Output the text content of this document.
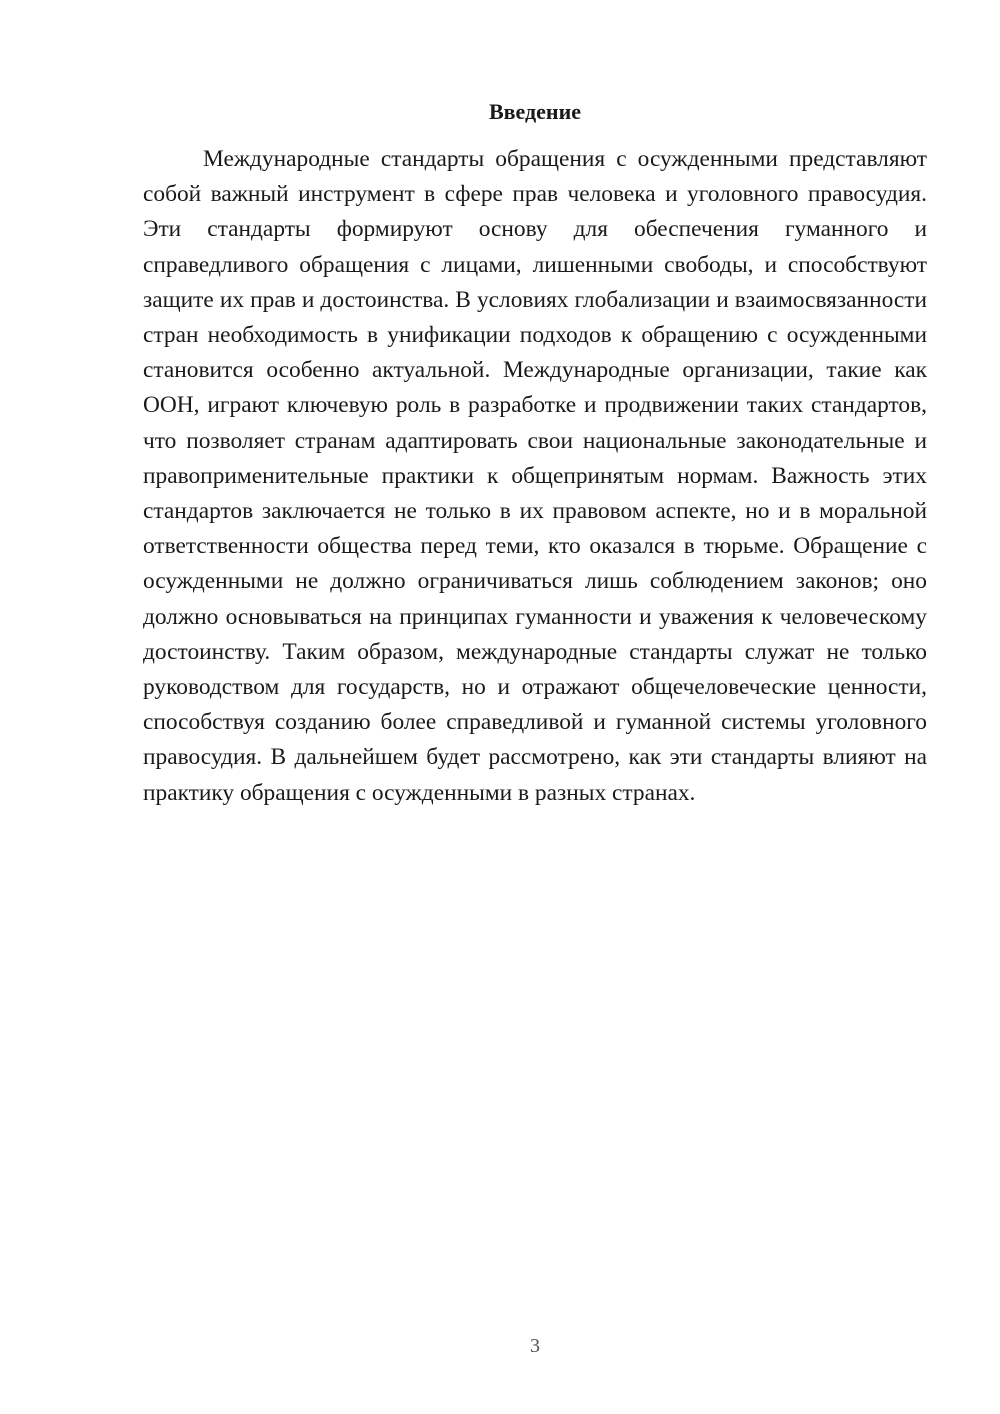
Введение

Международные стандарты обращения с осужденными представляют собой важный инструмент в сфере прав человека и уголовного правосудия. Эти стандарты формируют основу для обеспечения гуманного и справедливого обращения с лицами, лишенными свободы, и способствуют защите их прав и достоинства. В условиях глобализации и взаимосвязанности стран необходимость в унификации подходов к обращению с осужденными становится особенно актуальной. Международные организации, такие как ООН, играют ключевую роль в разработке и продвижении таких стандартов, что позволяет странам адаптировать свои национальные законодательные и правоприменительные практики к общепринятым нормам. Важность этих стандартов заключается не только в их правовом аспекте, но и в моральной ответственности общества перед теми, кто оказался в тюрьме. Обращение с осужденными не должно ограничиваться лишь соблюдением законов; оно должно основываться на принципах гуманности и уважения к человеческому достоинству. Таким образом, международные стандарты служат не только руководством для государств, но и отражают общечеловеческие ценности, способствуя созданию более справедливой и гуманной системы уголовного правосудия. В дальнейшем будет рассмотрено, как эти стандарты влияют на практику обращения с осужденными в разных странах.

3
